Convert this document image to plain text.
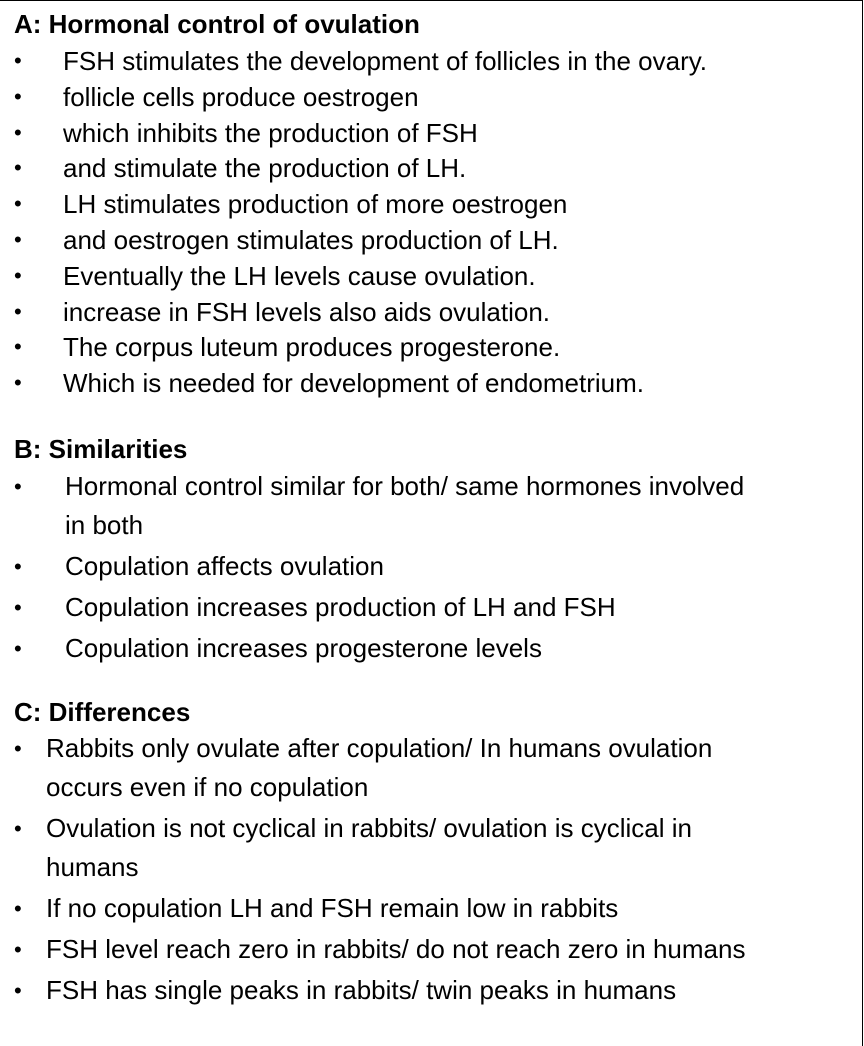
A: Hormonal control of ovulation
• FSH stimulates the development of follicles in the ovary.
• follicle cells produce oestrogen
• which inhibits the production of FSH
• and stimulate the production of LH.
• LH stimulates production of more oestrogen
• and oestrogen stimulates production of LH.
• Eventually the LH levels cause ovulation.
• increase in FSH levels also aids ovulation.
• The corpus luteum produces progesterone.
• Which is needed for development of endometrium.
B: Similarities
• Hormonal control similar for both/ same hormones involved
in both
• Copulation affects ovulation
• Copulation increases production of LH and FSH
• Copulation increases progesterone levels
C: Differences
• Rabbits only ovulate after copulation/ In humans ovulation
occurs even if no copulation
• Ovulation is not cyclical in rabbits/ ovulation is cyclical in
humans
• If no copulation LH and FSH remain low in rabbits
• FSH level reach zero in rabbits/ do not reach zero in humans
• FSH has single peaks in rabbits/ twin peaks in humans
